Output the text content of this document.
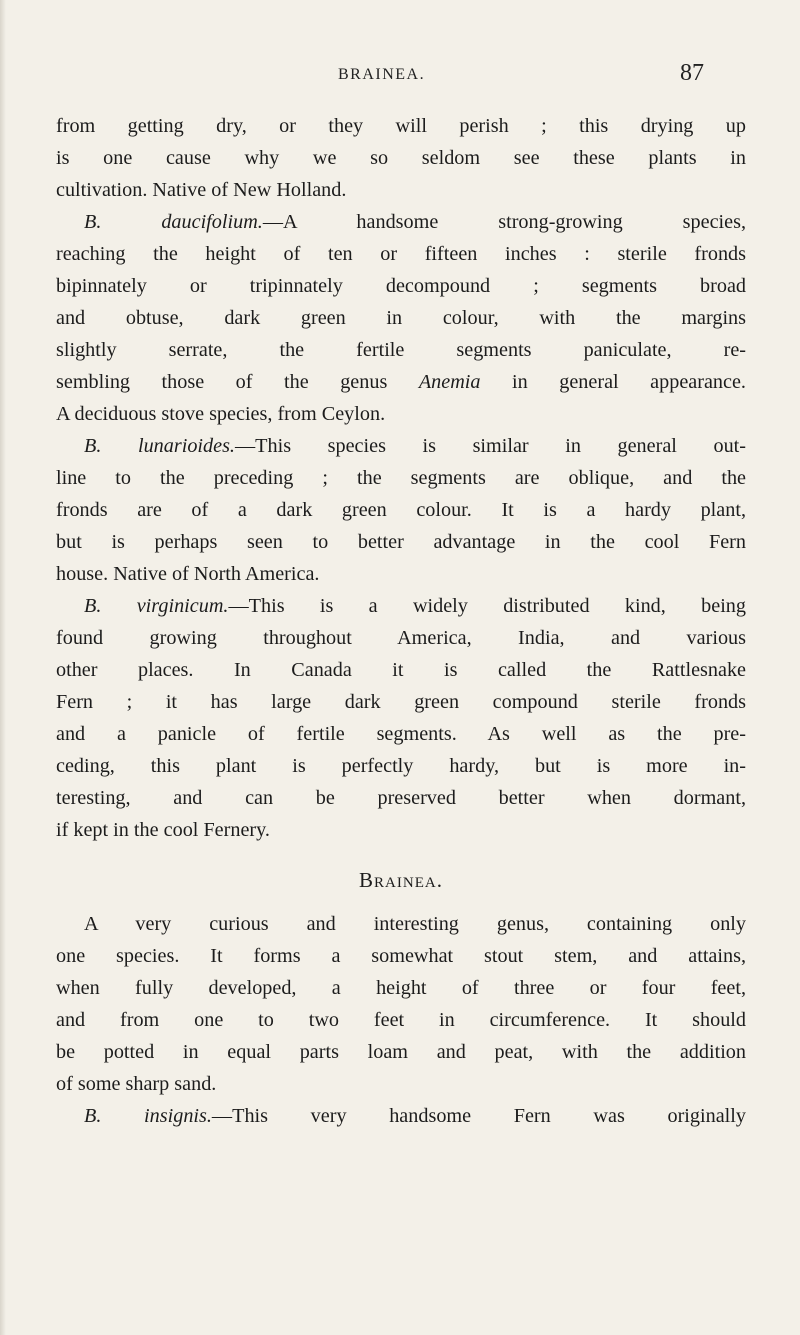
BRAINEA.	87
from getting dry, or they will perish ; this drying up
is one cause why we so seldom see these plants in
cultivation. Native of New Holland.
B. daucifolium.—A handsome strong-growing species,
reaching the height of ten or fifteen inches : sterile fronds
bipinnately or tripinnately decompound ; segments broad
and obtuse, dark green in colour, with the margins
slightly serrate, the fertile segments paniculate, re-
sembling those of the genus Anemia in general appearance.
A deciduous stove species, from Ceylon.
B. lunarioides.—This species is similar in general out-
line to the preceding ; the segments are oblique, and the
fronds are of a dark green colour. It is a hardy plant,
but is perhaps seen to better advantage in the cool Fern
house. Native of North America.
B. virginicum.—This is a widely distributed kind, being
found growing throughout America, India, and various
other places. In Canada it is called the Rattlesnake
Fern ; it has large dark green compound sterile fronds
and a panicle of fertile segments. As well as the pre-
ceding, this plant is perfectly hardy, but is more in-
teresting, and can be preserved better when dormant,
if kept in the cool Fernery.
Brainea.
A very curious and interesting genus, containing only
one species. It forms a somewhat stout stem, and attains,
when fully developed, a height of three or four feet,
and from one to two feet in circumference. It should
be potted in equal parts loam and peat, with the addition
of some sharp sand.
B. insignis.—This very handsome Fern was originally
